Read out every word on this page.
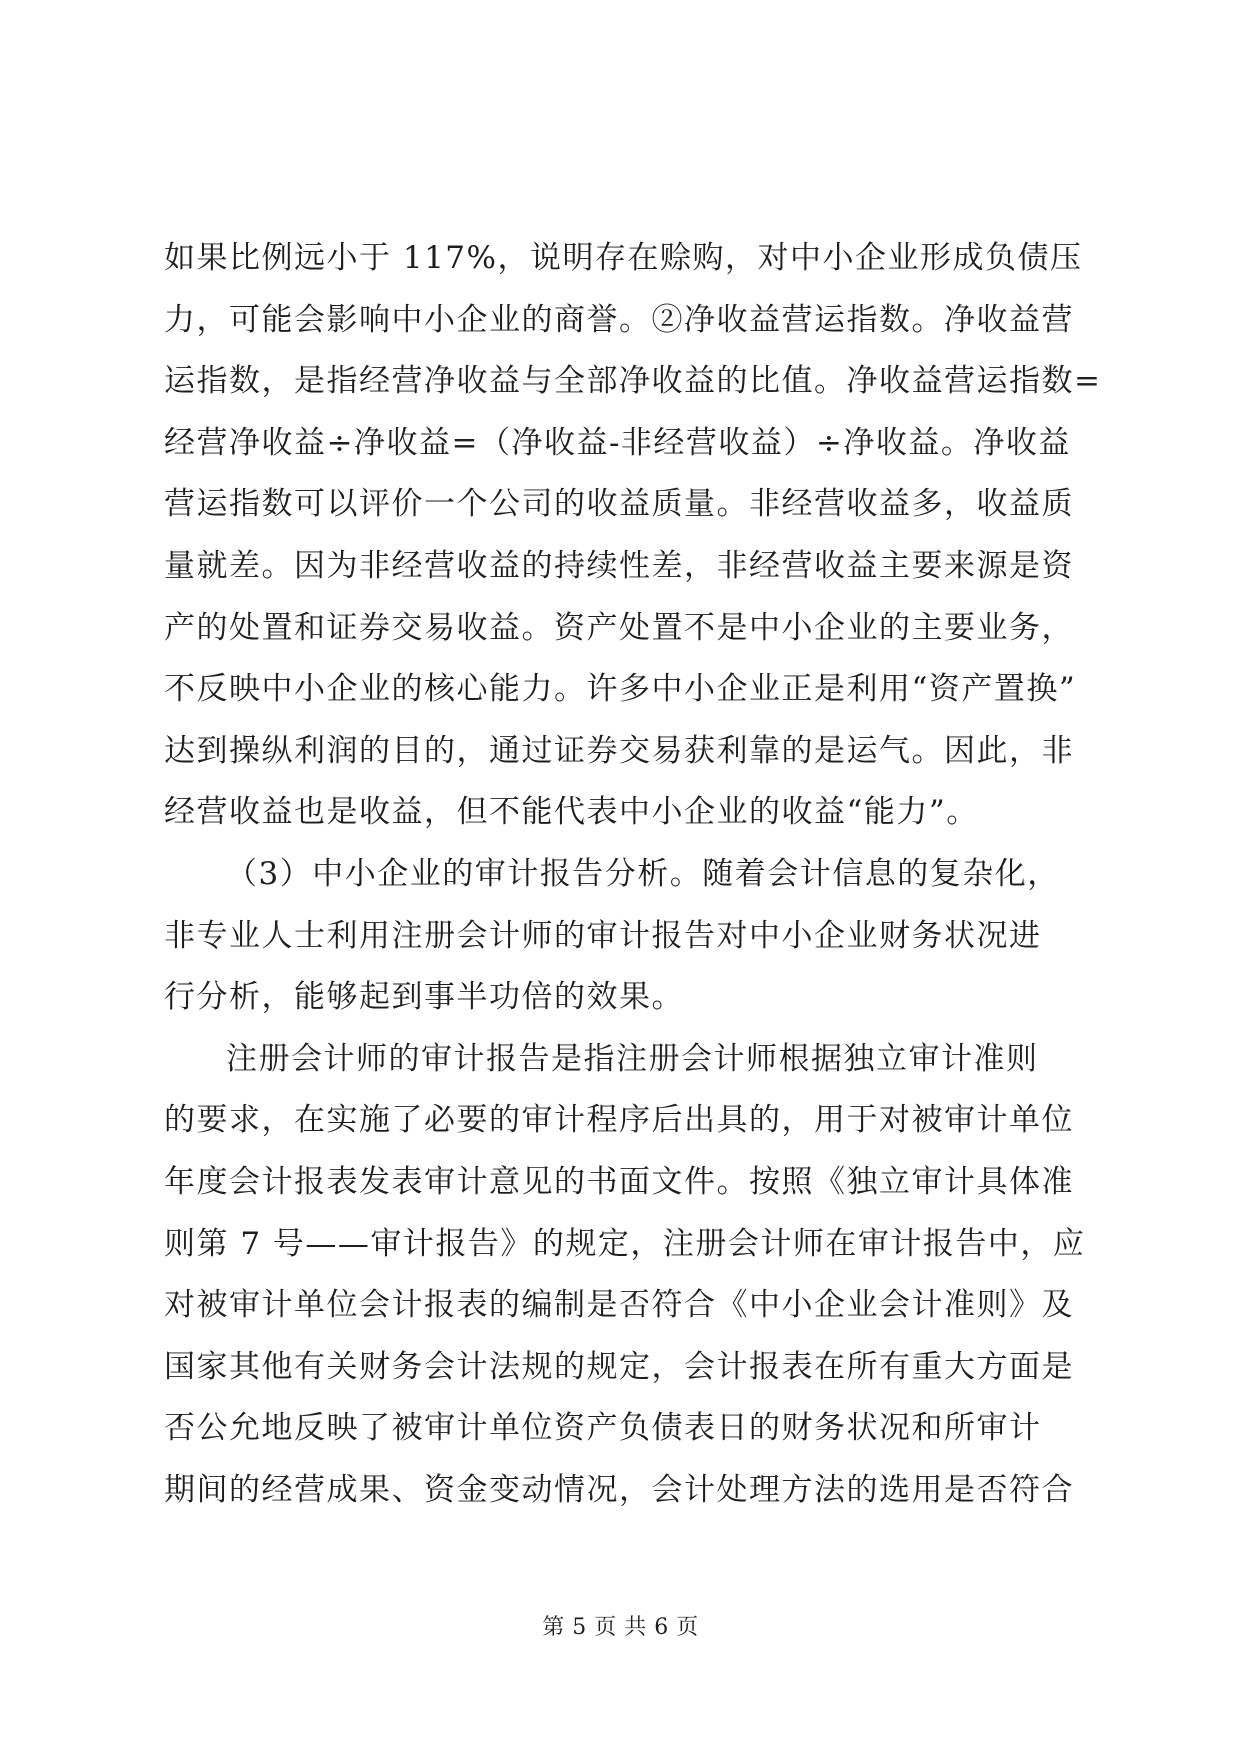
如果比例远小于 117%，说明存在赊购，对中小企业形成负债压
力，可能会影响中小企业的商誉。②净收益营运指数。净收益营
运指数，是指经营净收益与全部净收益的比值。净收益营运指数=
经营净收益÷净收益=（净收益-非经营收益）÷净收益。净收益
营运指数可以评价一个公司的收益质量。非经营收益多，收益质
量就差。因为非经营收益的持续性差，非经营收益主要来源是资
产的处置和证券交易收益。资产处置不是中小企业的主要业务，
不反映中小企业的核心能力。许多中小企业正是利用“资产置换”
达到操纵利润的目的，通过证券交易获利靠的是运气。因此，非
经营收益也是收益，但不能代表中小企业的收益“能力”。
（3）中小企业的审计报告分析。随着会计信息的复杂化，
非专业人士利用注册会计师的审计报告对中小企业财务状况进
行分析，能够起到事半功倍的效果。
注册会计师的审计报告是指注册会计师根据独立审计准则
的要求，在实施了必要的审计程序后出具的，用于对被审计单位
年度会计报表发表审计意见的书面文件。按照《独立审计具体准
则第 7 号——审计报告》的规定，注册会计师在审计报告中，应
对被审计单位会计报表的编制是否符合《中小企业会计准则》及
国家其他有关财务会计法规的规定，会计报表在所有重大方面是
否公允地反映了被审计单位资产负债表日的财务状况和所审计
期间的经营成果、资金变动情况，会计处理方法的选用是否符合
第 5 页 共 6 页
